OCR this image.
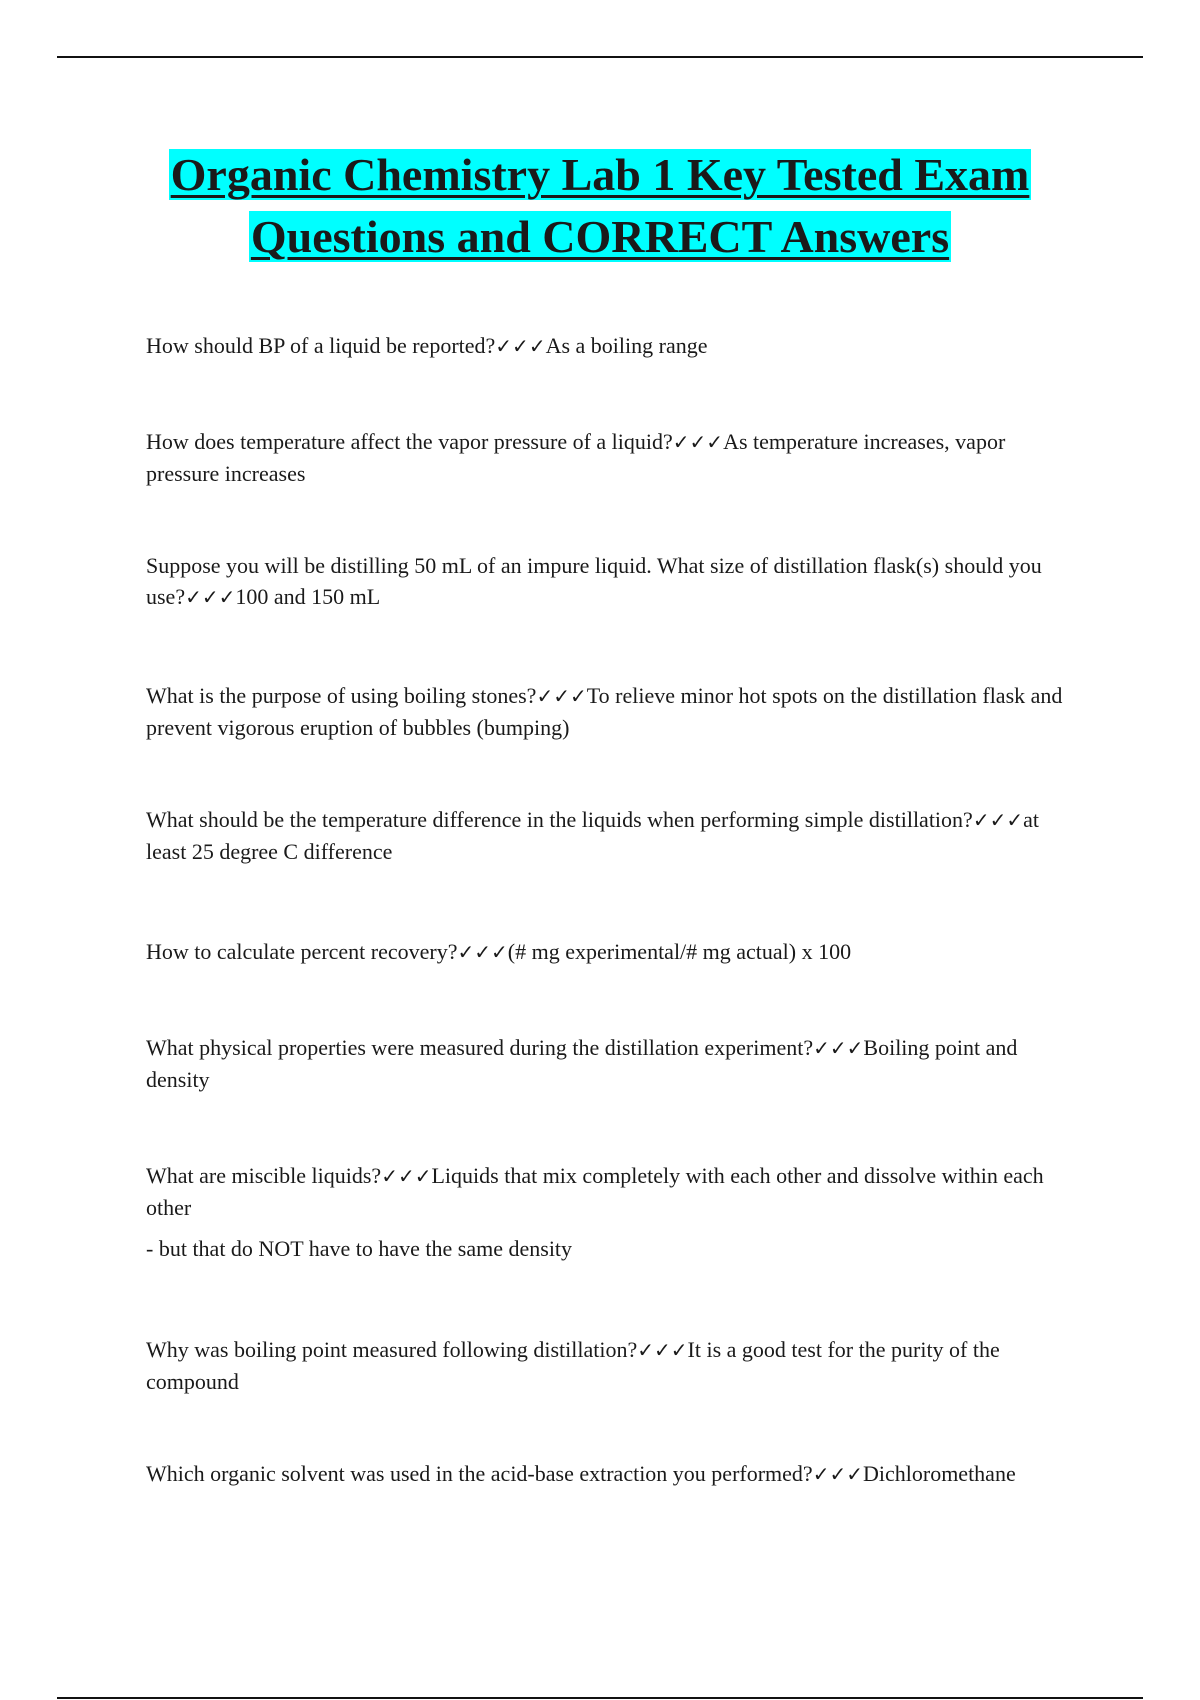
Organic Chemistry Lab 1 Key Tested Exam
Questions and CORRECT Answers

How should BP of a liquid be reported?✓✓✓As a boiling range

How does temperature affect the vapor pressure of a liquid?✓✓✓As temperature increases, vapor pressure increases

Suppose you will be distilling 50 mL of an impure liquid. What size of distillation flask(s) should you use?✓✓✓100 and 150 mL

What is the purpose of using boiling stones?✓✓✓To relieve minor hot spots on the distillation flask and prevent vigorous eruption of bubbles (bumping)

What should be the temperature difference in the liquids when performing simple distillation?✓✓✓at least 25 degree C difference

How to calculate percent recovery?✓✓✓(# mg experimental/# mg actual) x 100

What physical properties were measured during the distillation experiment?✓✓✓Boiling point and density

What are miscible liquids?✓✓✓Liquids that mix completely with each other and dissolve within each other
- but that do NOT have to have the same density

Why was boiling point measured following distillation?✓✓✓It is a good test for the purity of the compound

Which organic solvent was used in the acid-base extraction you performed?✓✓✓Dichloromethane
